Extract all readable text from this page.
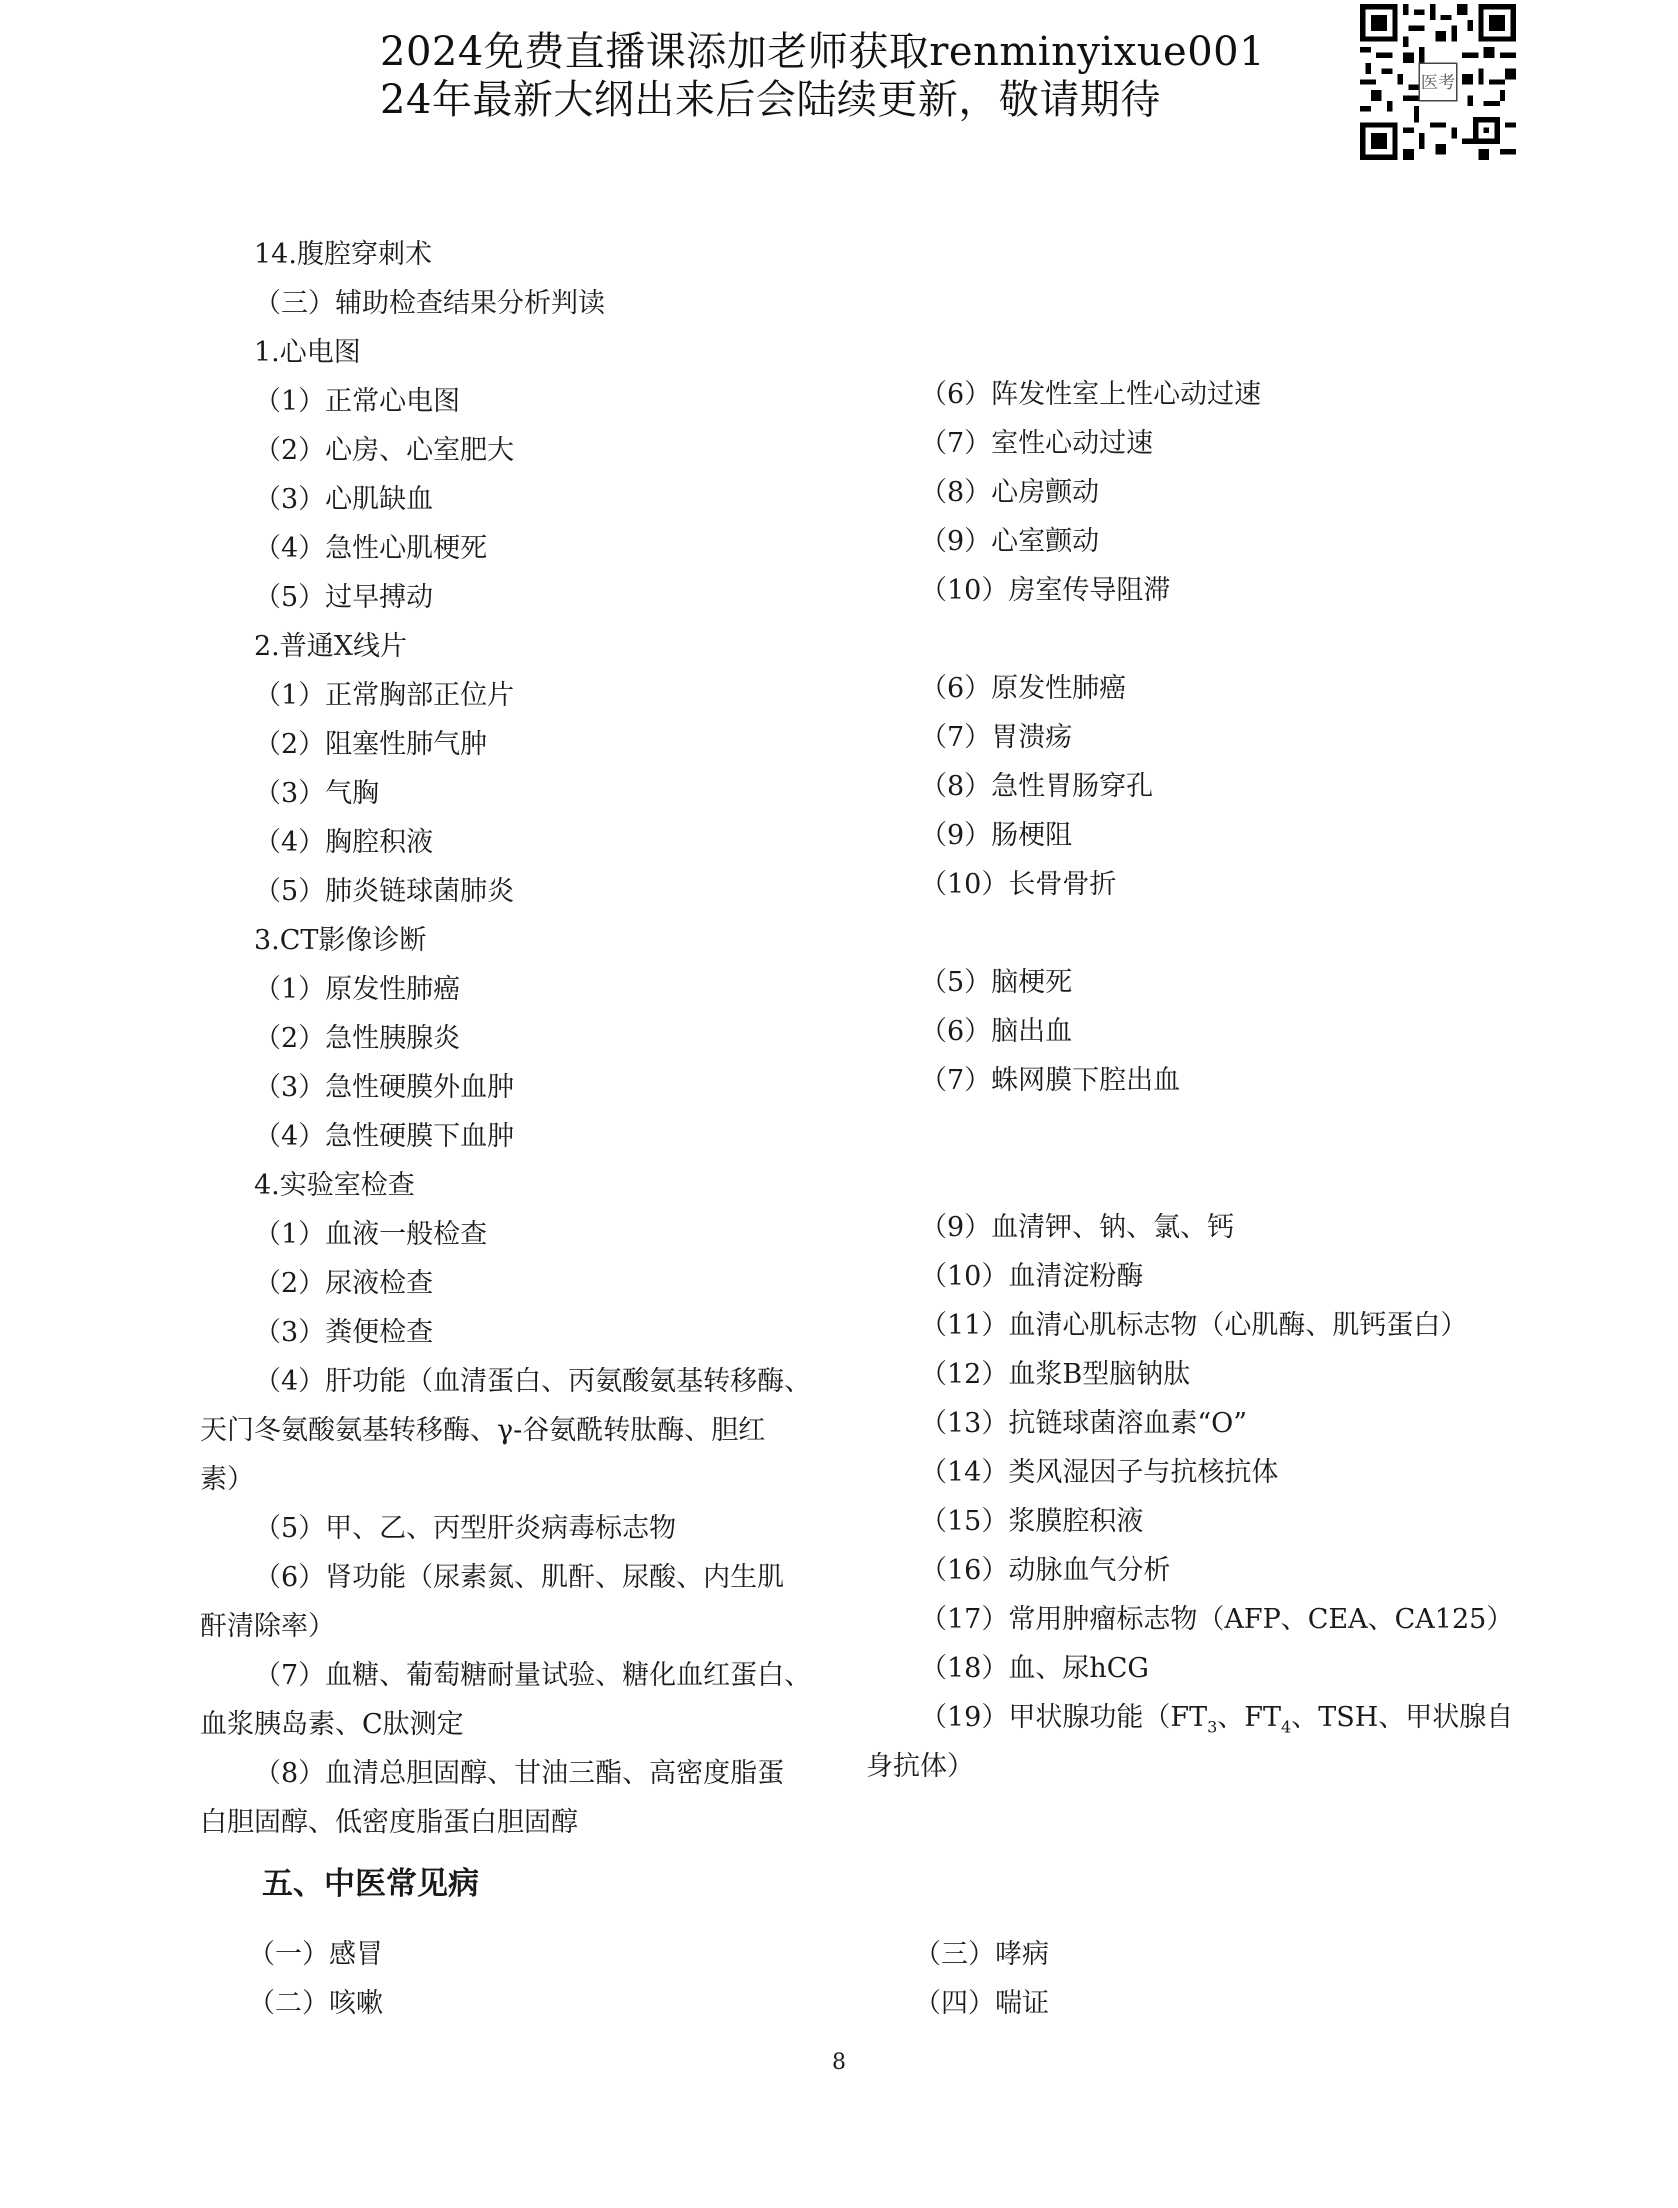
2024免费直播课添加老师获取renminyixue001
24年最新大纲出来后会陆续更新，敬请期待	医考
14.腹腔穿刺术
（三）辅助检查结果分析判读
1.心电图
（1）正常心电图
（2）心房、心室肥大
（3）心肌缺血
（4）急性心肌梗死
（5）过早搏动
2.普通X线片
（1）正常胸部正位片
（2）阻塞性肺气肿
（3）气胸
（4）胸腔积液
（5）肺炎链球菌肺炎
3.CT影像诊断
（1）原发性肺癌
（2）急性胰腺炎
（3）急性硬膜外血肿
（4）急性硬膜下血肿
4.实验室检查
（1）血液一般检查
（2）尿液检查
（3）粪便检查
（4）肝功能（血清蛋白、丙氨酸氨基转移酶、
天门冬氨酸氨基转移酶、γ-谷氨酰转肽酶、胆红
素）
（5）甲、乙、丙型肝炎病毒标志物
（6）肾功能（尿素氮、肌酐、尿酸、内生肌
酐清除率）
（7）血糖、葡萄糖耐量试验、糖化血红蛋白、
血浆胰岛素、C肽测定
（8）血清总胆固醇、甘油三酯、高密度脂蛋
白胆固醇、低密度脂蛋白胆固醇
（6）阵发性室上性心动过速
（7）室性心动过速
（8）心房颤动
（9）心室颤动
（10）房室传导阻滞
（6）原发性肺癌
（7）胃溃疡
（8）急性胃肠穿孔
（9）肠梗阻
（10）长骨骨折
（5）脑梗死
（6）脑出血
（7）蛛网膜下腔出血
（9）血清钾、钠、氯、钙
（10）血清淀粉酶
（11）血清心肌标志物（心肌酶、肌钙蛋白）
（12）血浆B型脑钠肽
（13）抗链球菌溶血素“O”
（14）类风湿因子与抗核抗体
（15）浆膜腔积液
（16）动脉血气分析
（17）常用肿瘤标志物（AFP、CEA、CA125）
（18）血、尿hCG
（19）甲状腺功能（$FT_3$、$FT_4$、TSH、甲状腺自
身抗体）
五、中医常见病
（一）感冒
（二）咳嗽
（三）哮病
（四）喘证
8
